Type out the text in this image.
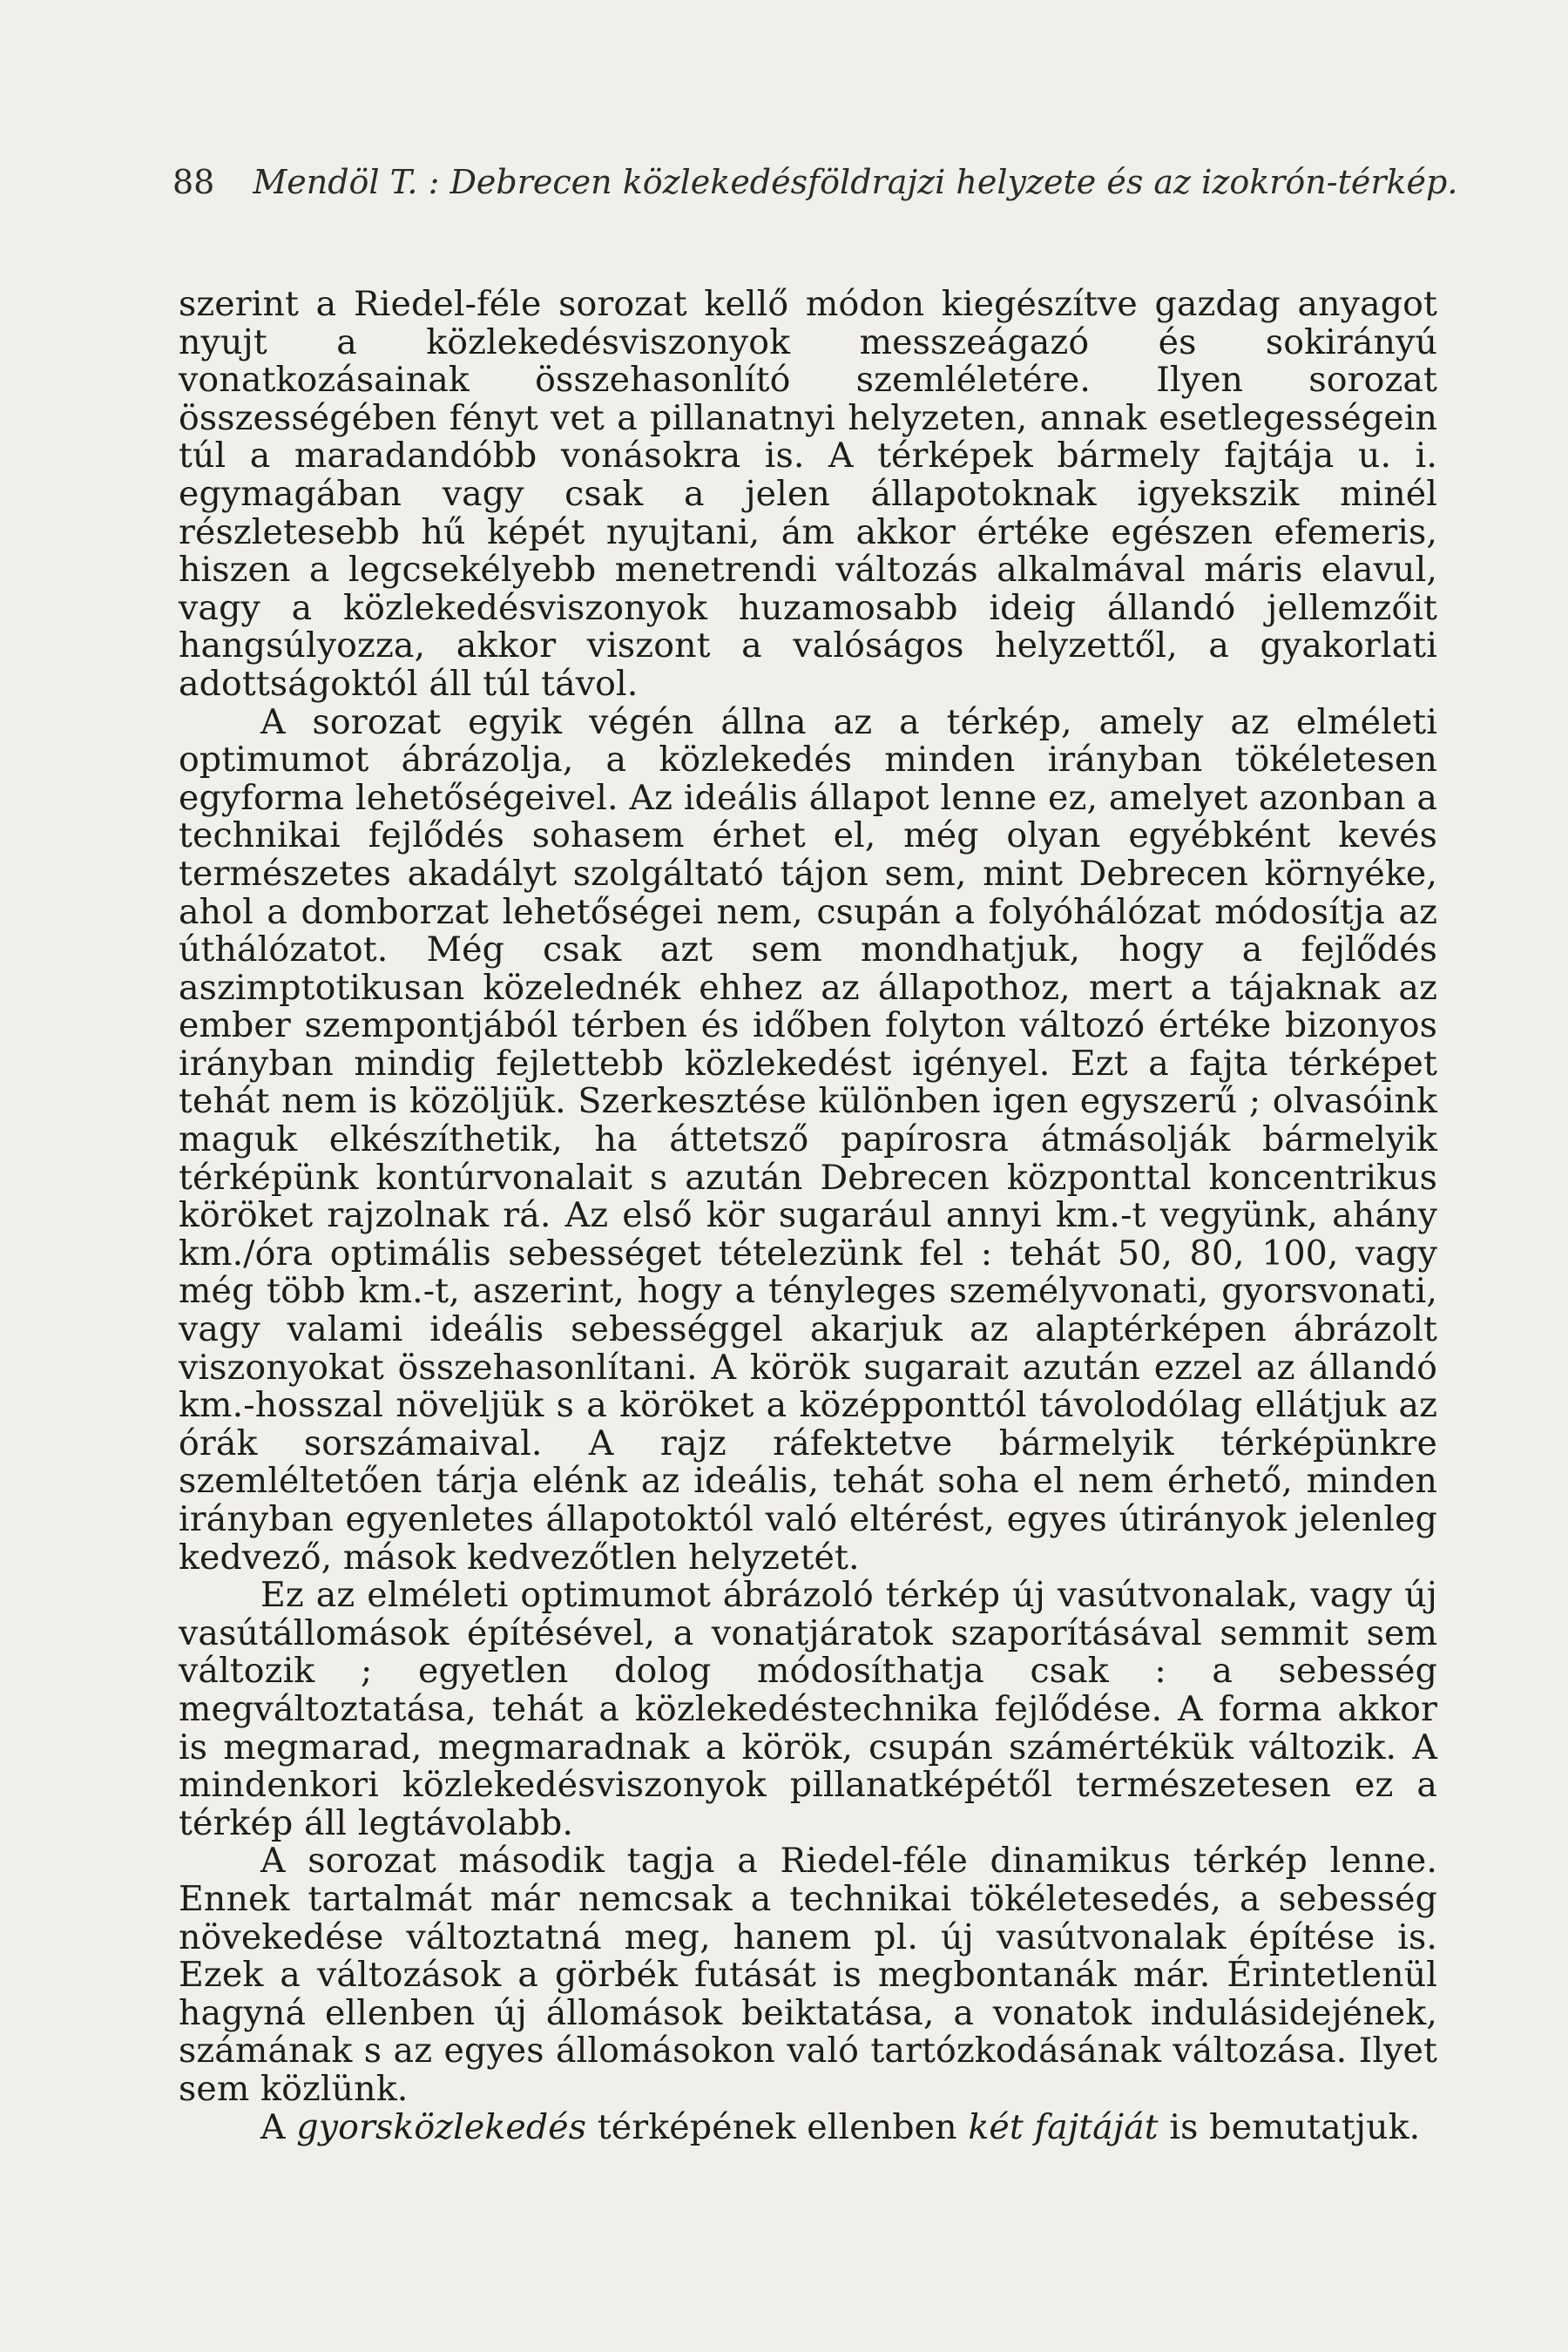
88 Mendöl T. : Debrecen közlekedésföldrajzi helyzete és az izokrón-térkép.

szerint a Riedel-féle sorozat kellő módon kiegészítve gazdag anyagot nyujt a közlekedésviszonyok messzeágazó és sokirányú vonatkozásainak összehasonlító szemléletére. Ilyen sorozat összességében fényt vet a pillanatnyi helyzeten, annak esetlegességein túl a maradandóbb vonásokra is. A térképek bármely fajtája u. i. egymagában vagy csak a jelen állapotoknak igyekszik minél részletesebb hű képét nyujtani, ám akkor értéke egészen efemeris, hiszen a legcsekélyebb menetrendi változás alkalmával máris elavul, vagy a közlekedésviszonyok huzamosabb ideig állandó jellemzőit hangsúlyozza, akkor viszont a valóságos helyzettől, a gyakorlati adottságoktól áll túl távol.

A sorozat egyik végén állna az a térkép, amely az elméleti optimumot ábrázolja, a közlekedés minden irányban tökéletesen egyforma lehetőségeivel. Az ideális állapot lenne ez, amelyet azonban a technikai fejlődés sohasem érhet el, még olyan egyébként kevés természetes akadályt szolgáltató tájon sem, mint Debrecen környéke, ahol a domborzat lehetőségei nem, csupán a folyóhálózat módosítja az úthálózatot. Még csak azt sem mondhatjuk, hogy a fejlődés aszimptotikusan közelednék ehhez az állapothoz, mert a tájaknak az ember szempontjából térben és időben folyton változó értéke bizonyos irányban mindig fejlettebb közlekedést igényel. Ezt a fajta térképet tehát nem is közöljük. Szerkesztése különben igen egyszerű ; olvasóink maguk elkészíthetik, ha áttetsző papírosra átmásolják bármelyik térképünk kontúrvonalait s azután Debrecen központtal koncentrikus köröket rajzolnak rá. Az első kör sugarául annyi km.-t vegyünk, ahány km./óra optimális sebességet tételezünk fel : tehát 50, 80, 100, vagy még több km.-t, aszerint, hogy a tényleges személyvonati, gyorsvonati, vagy valami ideális sebességgel akarjuk az alaptérképen ábrázolt viszonyokat összehasonlítani. A körök sugarait azután ezzel az állandó km.-hosszal növeljük s a köröket a középponttól távolodólag ellátjuk az órák sorszámaival. A rajz ráfektetve bármelyik térképünkre szemléltetően tárja elénk az ideális, tehát soha el nem érhető, minden irányban egyenletes állapotoktól való eltérést, egyes útirányok jelenleg kedvező, mások kedvezőtlen helyzetét.

Ez az elméleti optimumot ábrázoló térkép új vasútvonalak, vagy új vasútállomások építésével, a vonatjáratok szaporításával semmit sem változik ; egyetlen dolog módosíthatja csak : a sebesség megváltoztatása, tehát a közlekedéstechnika fejlődése. A forma akkor is megmarad, megmaradnak a körök, csupán számértékük változik. A mindenkori közlekedésviszonyok pillanatképétől természetesen ez a térkép áll legtávolabb.

A sorozat második tagja a Riedel-féle dinamikus térkép lenne. Ennek tartalmát már nemcsak a technikai tökéletesedés, a sebesség növekedése változtatná meg, hanem pl. új vasútvonalak építése is. Ezek a változások a görbék futását is megbontanák már. Érintetlenül hagyná ellenben új állomások beiktatása, a vonatok indulásidejének, számának s az egyes állomásokon való tartózkodásának változása. Ilyet sem közlünk.

A gyorsközlekedés térképének ellenben két fajtáját is bemutatjuk.
